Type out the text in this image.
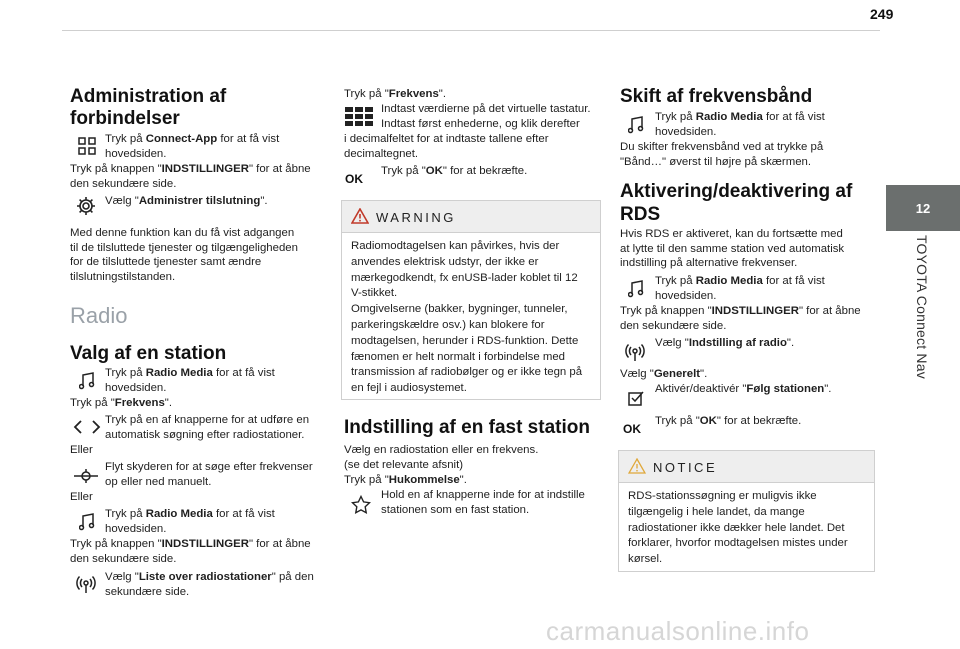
249
12
TOYOTA Connect Nav
Administration af
forbindelser
Tryk på Connect-App for at få vist
hovedsiden.
Tryk på knappen "INDSTILLINGER" for at åbne
den sekundære side.
Vælg "Administrer tilslutning".
Med denne funktion kan du få vist adgangen
til de tilsluttede tjenester og tilgængeligheden
for de tilsluttede tjenester samt ændre
tilslutningstilstanden.
Radio
Valg af en station
Tryk på Radio Media for at få vist
hovedsiden.
Tryk på "Frekvens".
Tryk på en af knapperne for at udføre en
automatisk søgning efter radiostationer.
Eller
Flyt skyderen for at søge efter frekvenser
op eller ned manuelt.
Eller
Tryk på Radio Media for at få vist
hovedsiden.
Tryk på knappen "INDSTILLINGER" for at åbne
den sekundære side.
Vælg "Liste over radiostationer" på den
sekundære side.
Tryk på "Frekvens".
Indtast værdierne på det virtuelle tastatur.
Indtast først enhederne, og klik derefter
i decimalfeltet for at indtaste tallene efter
decimaltegnet.
OK
Tryk på "OK" for at bekræfte.
WARNING
Radiomodtagelsen kan påvirkes, hvis der
anvendes elektrisk udstyr, der ikke er
mærkegodkendt, fx enUSB-lader koblet til 12
V-stikket.
Omgivelserne (bakker, bygninger, tunneler,
parkeringskældre osv.) kan blokere for
modtagelsen, herunder i RDS-funktion. Dette
fænomen er helt normalt i forbindelse med
transmission af radiobølger og er ikke tegn på
en fejl i audiosystemet.
Indstilling af en fast station
Vælg en radiostation eller en frekvens.
(se det relevante afsnit)
Tryk på "Hukommelse".
Hold en af knapperne inde for at indstille
stationen som en fast station.
Skift af frekvensbånd
Tryk på Radio Media for at få vist
hovedsiden.
Du skifter frekvensbånd ved at trykke på
"Bånd…" øverst til højre på skærmen.
Aktivering/deaktivering af
RDS
Hvis RDS er aktiveret, kan du fortsætte med
at lytte til den samme station ved automatisk
indstilling på alternative frekvenser.
Tryk på Radio Media for at få vist
hovedsiden.
Tryk på knappen "INDSTILLINGER" for at åbne
den sekundære side.
Vælg "Indstilling af radio".
Vælg "Generelt".
Aktivér/deaktivér "Følg stationen".
OK
Tryk på "OK" for at bekræfte.
NOTICE
RDS-stationssøgning er muligvis ikke
tilgængelig i hele landet, da mange
radiostationer ikke dækker hele landet. Det
forklarer, hvorfor modtagelsen mistes under
kørsel.
carmanualsonline.info
